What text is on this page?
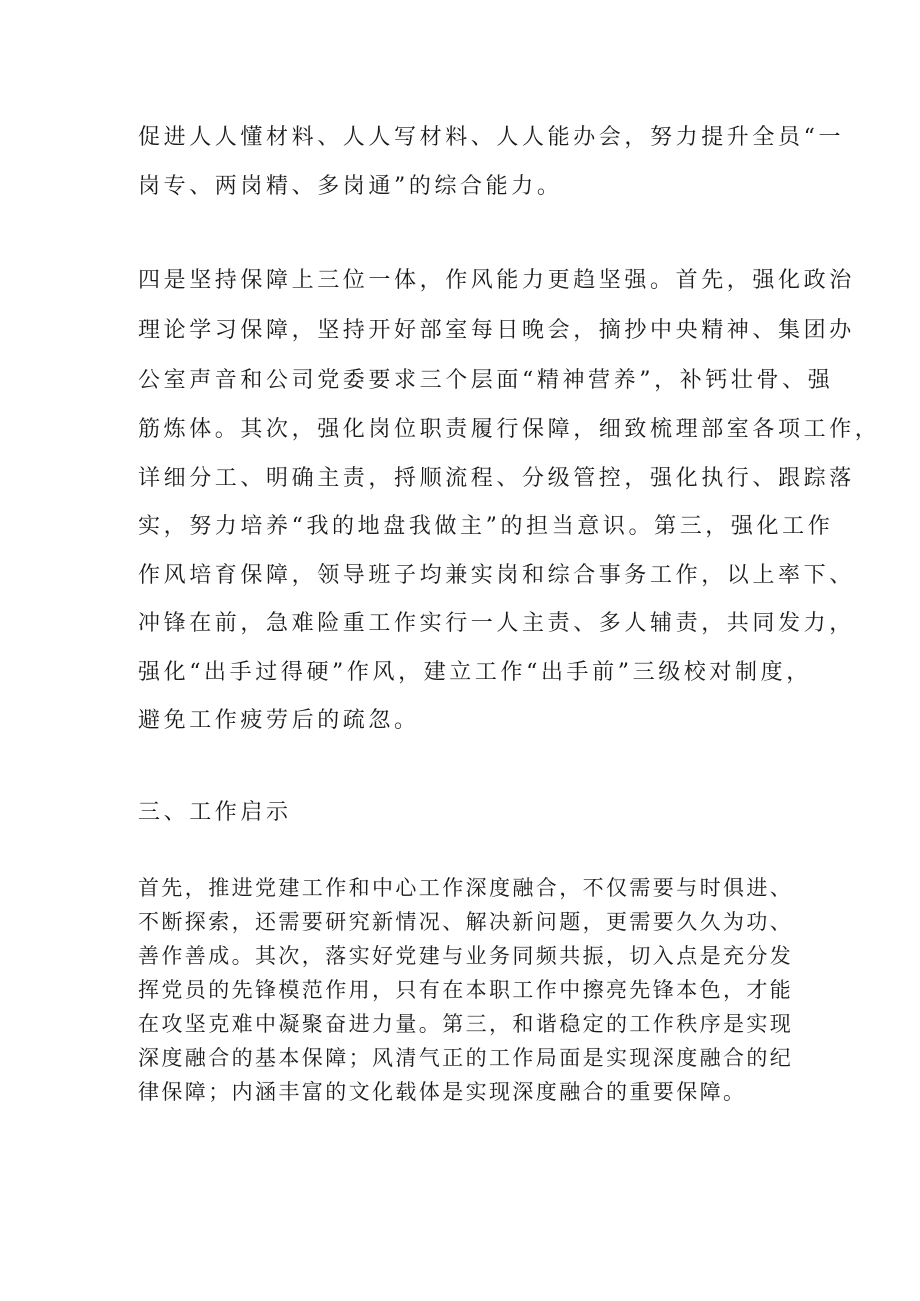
促进人人懂材料、人人写材料、人人能办会，努力提升全员“一
岗专、两岗精、多岗通”的综合能力。
四是坚持保障上三位一体，作风能力更趋坚强。首先，强化政治
理论学习保障，坚持开好部室每日晚会，摘抄中央精神、集团办
公室声音和公司党委要求三个层面“精神营养”，补钙壮骨、强
筋炼体。其次，强化岗位职责履行保障，细致梳理部室各项工作，
详细分工、明确主责，捋顺流程、分级管控，强化执行、跟踪落
实，努力培养“我的地盘我做主”的担当意识。第三，强化工作
作风培育保障，领导班子均兼实岗和综合事务工作，以上率下、
冲锋在前，急难险重工作实行一人主责、多人辅责，共同发力，
强化“出手过得硬”作风，建立工作“出手前”三级校对制度，
避免工作疲劳后的疏忽。
三、工作启示
首先，推进党建工作和中心工作深度融合，不仅需要与时俱进、
不断探索，还需要研究新情况、解决新问题，更需要久久为功、
善作善成。其次，落实好党建与业务同频共振，切入点是充分发
挥党员的先锋模范作用，只有在本职工作中擦亮先锋本色，才能
在攻坚克难中凝聚奋进力量。第三，和谐稳定的工作秩序是实现
深度融合的基本保障；风清气正的工作局面是实现深度融合的纪
律保障；内涵丰富的文化载体是实现深度融合的重要保障。
